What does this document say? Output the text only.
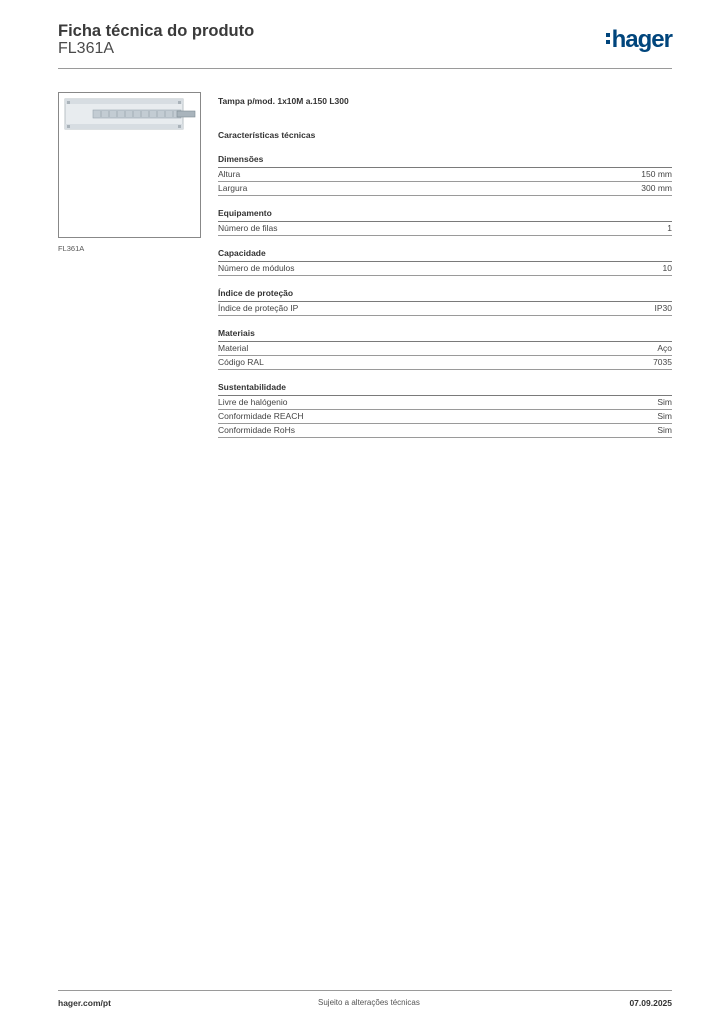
Ficha técnica do produto
FL361A	hager
FL361A
Tampa p/mod. 1x10M a.150 L300
Características técnicas
Dimensões
Altura	150 mm
Largura	300 mm
Equipamento
Número de filas	1
Capacidade
Número de módulos	10
Índice de proteção
Índice de proteção IP	IP30
Materiais
Material	Aço
Código RAL	7035
Sustentabilidade
Livre de halógenio	Sim
Conformidade REACH	Sim
Conformidade RoHs	Sim
hager.com/pt	Sujeito a alterações técnicas	07.09.2025
